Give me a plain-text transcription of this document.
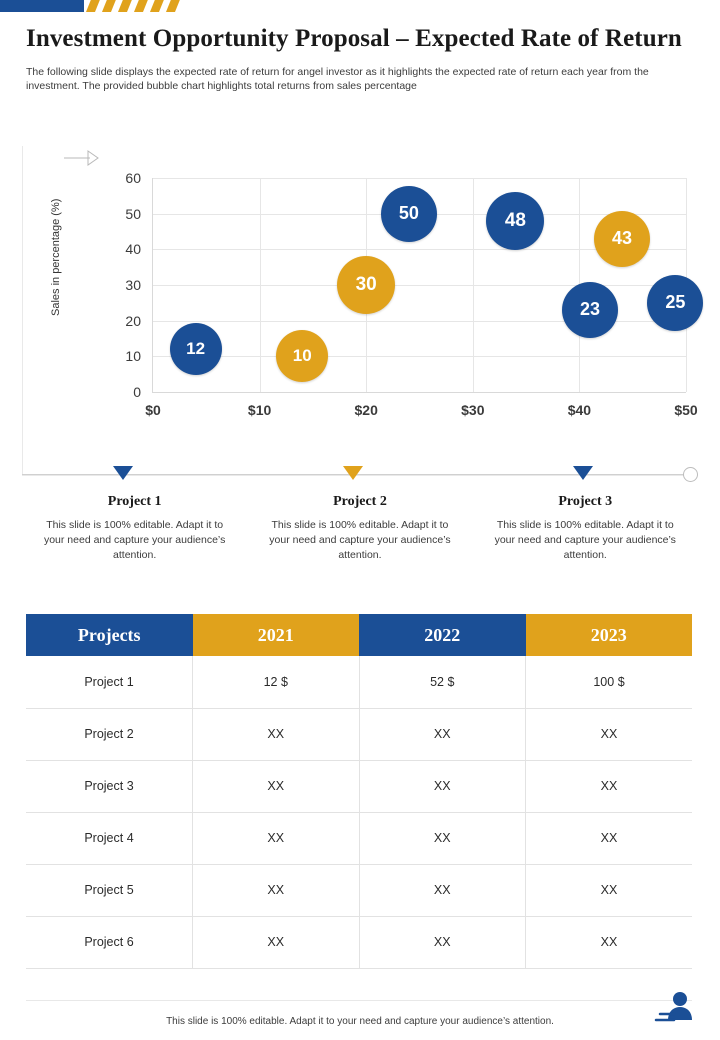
Investment Opportunity Proposal – Expected Rate of Return
The following slide displays the expected rate of return for angel investor as it highlights the expected rate of return each year from the investment. The provided bubble chart highlights total returns from sales percentage
Sales in percentage (%)
0
10
20
30
40
50
60
$0	$10	$20	$30	$40	$50
12	10
30
50	48
23
43
25
Project 1

This slide is 100% editable. Adapt it to your need and capture your audience’s attention.

Project 2

This slide is 100% editable. Adapt it to your need and capture your audience’s attention.

Project 3

This slide is 100% editable. Adapt it to your need and capture your audience’s attention.

Projects	2021	2022	2023
Project 1	12 $	52 $	100 $
Project 2	XX	XX	XX
Project 3	XX	XX	XX
Project 4	XX	XX	XX
Project 5	XX	XX	XX
Project 6	XX	XX	XX
This slide is 100% editable. Adapt it to your need and capture your audience’s attention.
